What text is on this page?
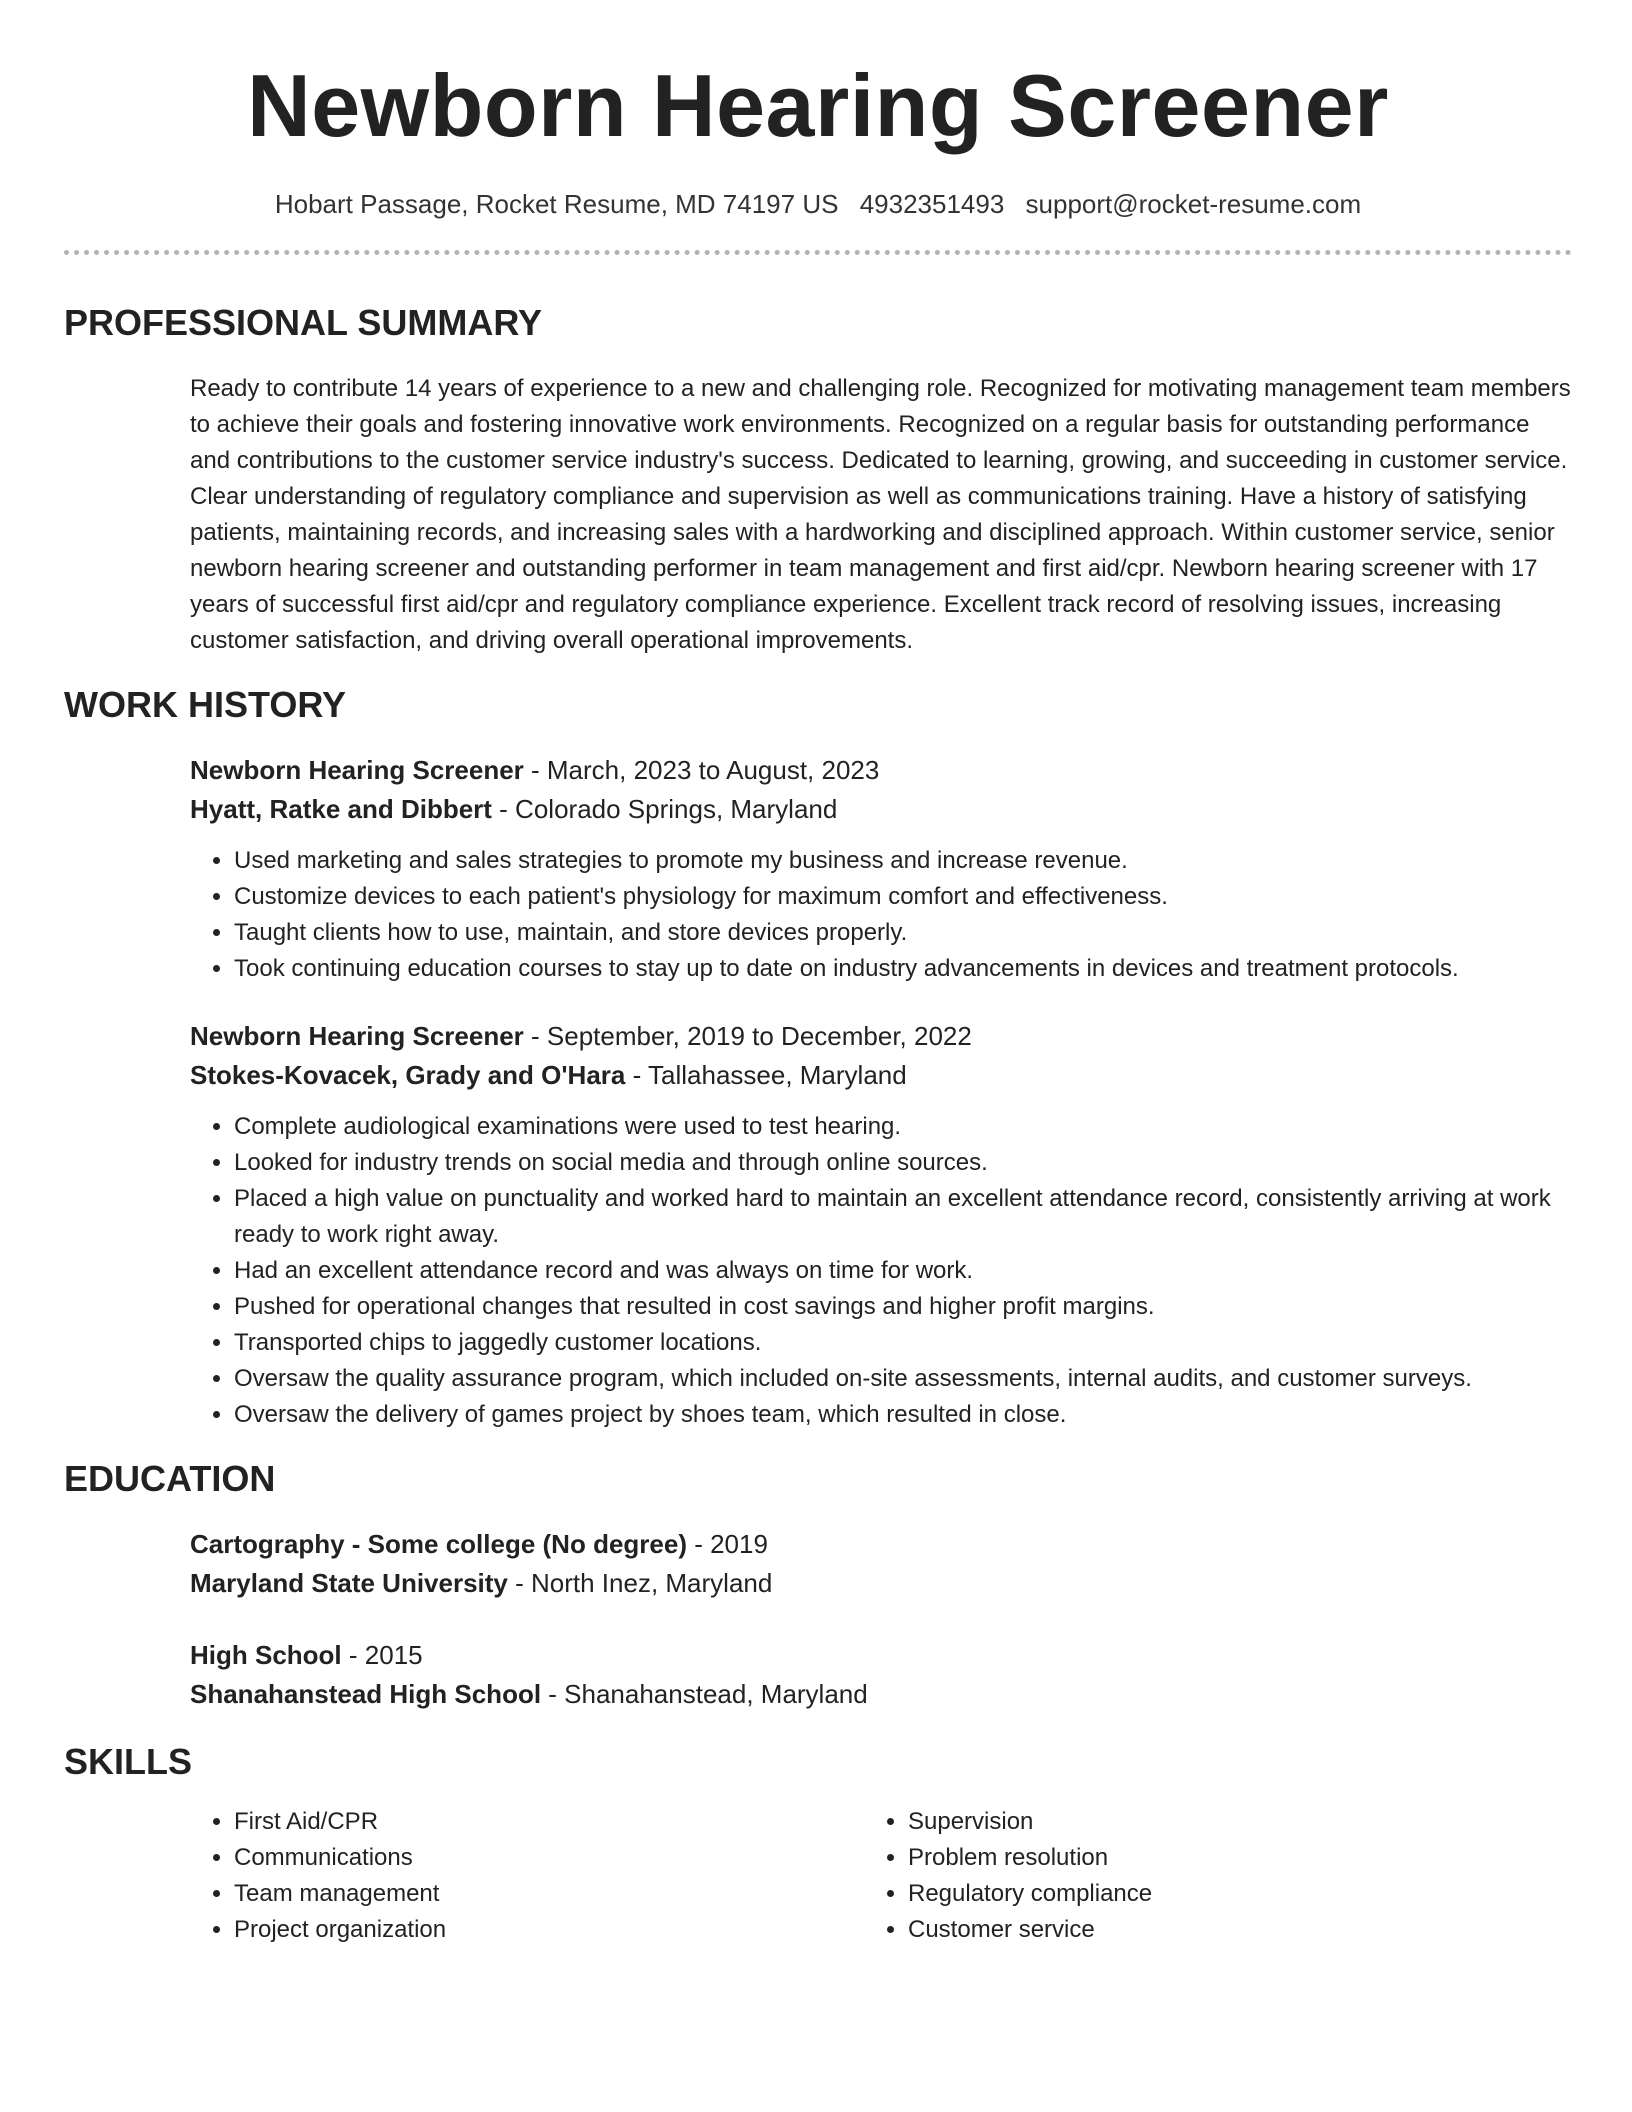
Newborn Hearing Screener
Hobart Passage, Rocket Resume, MD 74197 US 4932351493 support@rocket-resume.com
PROFESSIONAL SUMMARY

Ready to contribute 14 years of experience to a new and challenging role. Recognized for motivating management team members to achieve their goals and fostering innovative work environments. Recognized on a regular basis for outstanding performance and contributions to the customer service industry's success. Dedicated to learning, growing, and succeeding in customer service. Clear understanding of regulatory compliance and supervision as well as communications training. Have a history of satisfying patients, maintaining records, and increasing sales with a hardworking and disciplined approach. Within customer service, senior newborn hearing screener and outstanding performer in team management and first aid/cpr. Newborn hearing screener with 17 years of successful first aid/cpr and regulatory compliance experience. Excellent track record of resolving issues, increasing customer satisfaction, and driving overall operational improvements.

WORK HISTORY
Newborn Hearing Screener - March, 2023 to August, 2023
Hyatt, Ratke and Dibbert - Colorado Springs, Maryland
• Used marketing and sales strategies to promote my business and increase revenue.
• Customize devices to each patient's physiology for maximum comfort and effectiveness.
• Taught clients how to use, maintain, and store devices properly.
• Took continuing education courses to stay up to date on industry advancements in devices and treatment protocols.
Newborn Hearing Screener - September, 2019 to December, 2022
Stokes-Kovacek, Grady and O'Hara - Tallahassee, Maryland
• Complete audiological examinations were used to test hearing.
• Looked for industry trends on social media and through online sources.
• Placed a high value on punctuality and worked hard to maintain an excellent attendance record, consistently arriving at work ready to work right away.
• Had an excellent attendance record and was always on time for work.
• Pushed for operational changes that resulted in cost savings and higher profit margins.
• Transported chips to jaggedly customer locations.
• Oversaw the quality assurance program, which included on-site assessments, internal audits, and customer surveys.
• Oversaw the delivery of games project by shoes team, which resulted in close.
EDUCATION
Cartography - Some college (No degree) - 2019
Maryland State University - North Inez, Maryland
High School - 2015
Shanahanstead High School - Shanahanstead, Maryland
SKILLS
• First Aid/CPR
• Communications
• Team management
• Project organization
• Supervision
• Problem resolution
• Regulatory compliance
• Customer service
